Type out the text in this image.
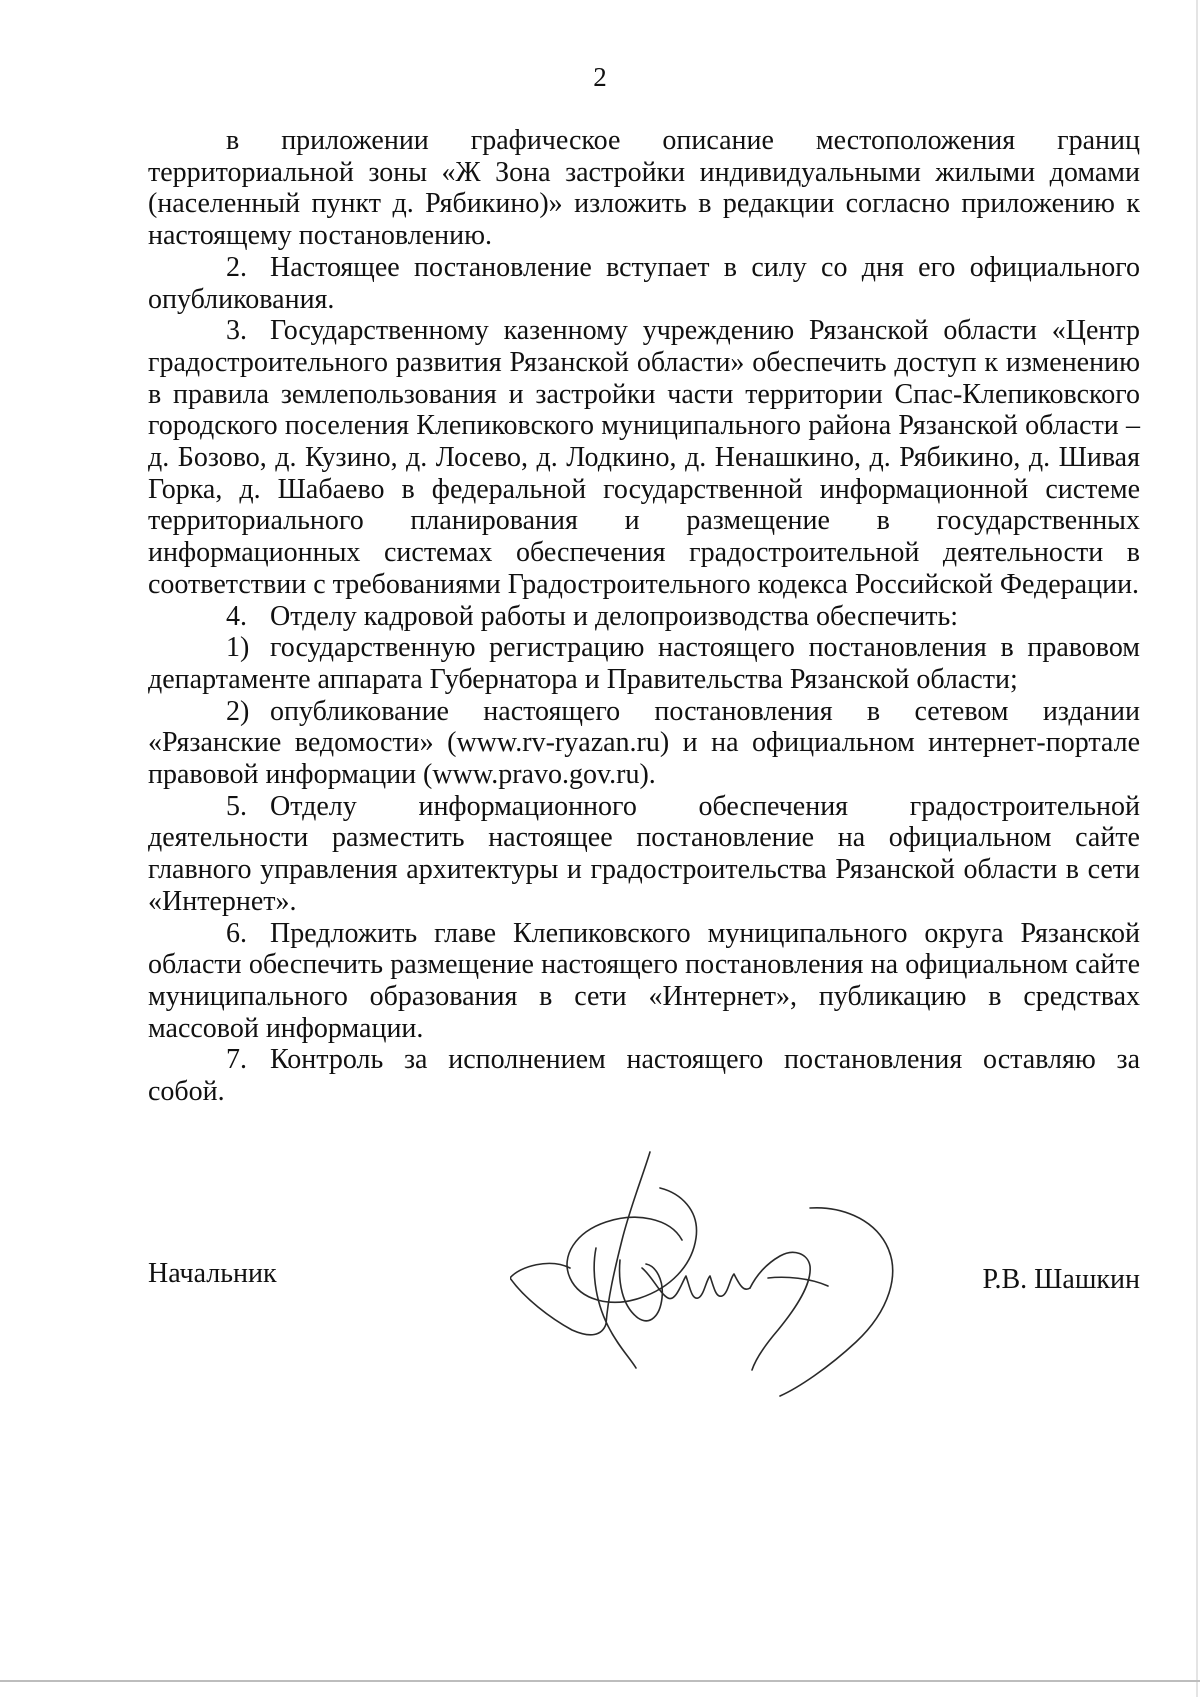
2

в приложении графическое описание местоположения границ территориальной зоны «Ж Зона застройки индивидуальными жилыми домами (населенный пункт д. Рябикино)» изложить в редакции согласно приложению к настоящему постановлению.

2. Настоящее постановление вступает в силу со дня его официального опубликования.

3. Государственному казенному учреждению Рязанской области «Центр градостроительного развития Рязанской области» обеспечить доступ к изменению в правила землепользования и застройки части территории Спас-Клепиковского городского поселения Клепиковского муниципального района Рязанской области – д. Бозово, д. Кузино, д. Лосево, д. Лодкино, д. Ненашкино, д. Рябикино, д. Шивая Горка, д. Шабаево в федеральной государственной информационной системе территориального планирования и размещение в государственных информационных системах обеспечения градостроительной деятельности в соответствии с требованиями Градостроительного кодекса Российской Федерации.

4. Отделу кадровой работы и делопроизводства обеспечить:

1) государственную регистрацию настоящего постановления в правовом департаменте аппарата Губернатора и Правительства Рязанской области;

2) опубликование настоящего постановления в сетевом издании «Рязанские ведомости» (www.rv-ryazan.ru) и на официальном интернет-портале правовой информации (www.pravo.gov.ru).

5. Отделу информационного обеспечения градостроительной деятельности разместить настоящее постановление на официальном сайте главного управления архитектуры и градостроительства Рязанской области в сети «Интернет».

6. Предложить главе Клепиковского муниципального округа Рязанской области обеспечить размещение настоящего постановления на официальном сайте муниципального образования в сети «Интернет», публикацию в средствах массовой информации.

7. Контроль за исполнением настоящего постановления оставляю за собой.

Начальник	Р.В. Шашкин
